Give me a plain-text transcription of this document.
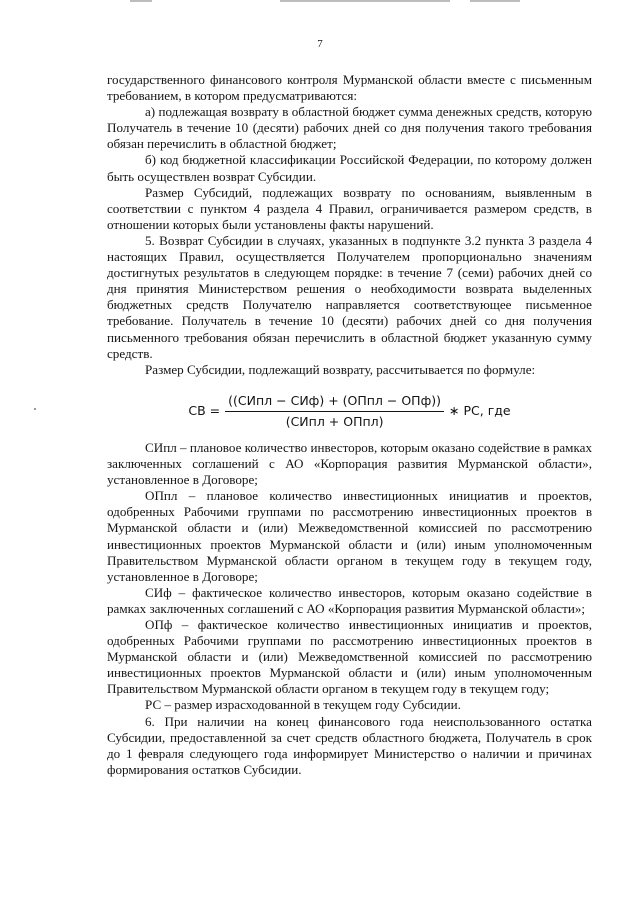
7

государственного финансового контроля Мурманской области вместе с письменным требованием, в котором предусматриваются:

а) подлежащая возврату в областной бюджет сумма денежных средств, которую Получатель в течение 10 (десяти) рабочих дней со дня получения такого требования обязан перечислить в областной бюджет;

б) код бюджетной классификации Российской Федерации, по которому должен быть осуществлен возврат Субсидии.

Размер Субсидий, подлежащих возврату по основаниям, выявленным в соответствии с пунктом 4 раздела 4 Правил, ограничивается размером средств, в отношении которых были установлены факты нарушений.

5. Возврат Субсидии в случаях, указанных в подпункте 3.2 пункта 3 раздела 4 настоящих Правил, осуществляется Получателем пропорционально значениям достигнутых результатов в следующем порядке: в течение 7 (семи) рабочих дней со дня принятия Министерством решения о необходимости возврата выделенных бюджетных средств Получателю направляется соответствующее письменное требование. Получатель в течение 10 (десяти) рабочих дней со дня получения письменного требования обязан перечислить в областной бюджет указанную сумму средств.

Размер Субсидии, подлежащий возврату, рассчитывается по формуле:

СВ = $\frac{\text{((СИпл − СИф) + (ОПпл − ОПф))}}{\text{(СИпл + ОПпл)}}$ ∗ РС, где

СИпл – плановое количество инвесторов, которым оказано содействие в рамках заключенных соглашений с АО «Корпорация развития Мурманской области», установленное в Договоре;

ОПпл – плановое количество инвестиционных инициатив и проектов, одобренных Рабочими группами по рассмотрению инвестиционных проектов в Мурманской области и (или) Межведомственной комиссией по рассмотрению инвестиционных проектов Мурманской области и (или) иным уполномоченным Правительством Мурманской области органом в текущем году в текущем году, установленное в Договоре;

СИф – фактическое количество инвесторов, которым оказано содействие в рамках заключенных соглашений с АО «Корпорация развития Мурманской области»;

ОПф – фактическое количество инвестиционных инициатив и проектов, одобренных Рабочими группами по рассмотрению инвестиционных проектов в Мурманской области и (или) Межведомственной комиссией по рассмотрению инвестиционных проектов Мурманской области и (или) иным уполномоченным Правительством Мурманской области органом в текущем году в текущем году;

РС – размер израсходованной в текущем году Субсидии.

6. При наличии на конец финансового года неиспользованного остатка Субсидии, предоставленной за счет средств областного бюджета, Получатель в срок до 1 февраля следующего года информирует Министерство о наличии и причинах формирования остатков Субсидии.
